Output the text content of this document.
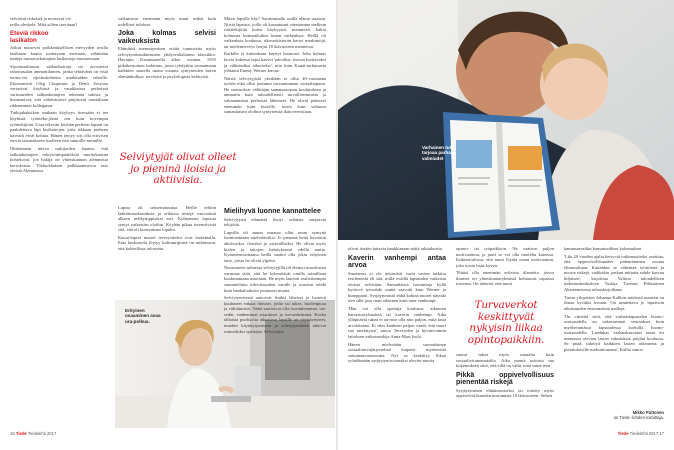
selviävät riskeistä ja nousevat vii-
reille oleskele. Mitä siihen tarvitaan?

Eteviä rikkoo
lasikaton

Jotkut nousevat poikkeuksellisen etevyyden avulla lasikaton kautta tuottavaan asemaan, vähintään tunteja taustavaikuttajina lasikattoja murtaessaan.

Sijoitusrahaston salkunhoitaja on arvostettu rahoitusalan ammattilainen, jonka tehtävänä on etsiä tuotta-via sijoituskohteita asiakkaiden rahoille. Ekonomistit Oleg Chuprinin ja Denis Sosyura vertasivat köyhissä ja varakkaissa perheissä varttuneiden salkunhoitajien tekemää tulosta ja huomasivat, että vähävaraiset pärjäsivät taustaltaan rikkaammat kollegansa.

Tutkijakaksikon mukaan köyhyys itsessään ei tee köyhistä työnteka-jöistä sen kuin kovempia työntekijöitä. Uraa tekevän köyhän perheen lapsen on paahdettava läpi lasikattojen, joita rikkaan perheen kasvatti eivät kohtaa. Hänen täytyy siis olla erityisen eteviä raivatakseen itselleen tien samoille asemille.

Ohittamaan tuleva tutkijoiden haamu, että salkunhoitajien rekrytointipäätöksiä meritokratian kohteluvat, joe hakija on yhteiskunnan alemmista kerroksista. Yläluokkaisen palkkaamisessa taas yleistä Alemmissa

vaikuttavat enemmän myös muut seikat kuin todelliset tulokset.

Joka kolmas selvisi vaikeuksista

Elämässä menestymisen eräitä tunnisteita myös selviytymistutkimusten yhdysvaltalainen klassikko. Havaijin Kauaisaarella alkoi vuonna 1955 pitkäkestoinen tutkimus, jossa ryhdyttiin seuraamaan kaikkien saarella tuona vuonna syntyneiden lasten elämänkulkua, terveyttä ja psykologista kehitystä.

Erityinen osaaminen avaa ura-polkua.

Miten lapsille käy? Suurimmalla osalla elämä tasaista. Niistä lapsista, joille oli kasautunut väestömme melkein riskitekijöitä kuten köyhyyttä, mennessä, kakui kolmesta kuttuntiloihin lasten vaikeuksia. Heillä oli vaikeuksia koulussa, rikosrekisteriin kertyi merkintöjä, tai mielenterveys horjui 18 ikävuoteen mennessä.

Kaikille ei kuitenkaan käynyt huonosti. Joka kolmas kovia kokenut lapsi kasvoi 'pärväksi, itsessä luottavaksi ja välittäväksi aikuiseksi', niin kuin Kauai-tutkimusta johtanut Emmy Werner kuvaa.

Näistä selviytyjistä yksikään ei ollut 40-vuotiaana työtön eikä ollut joutunut turvautumaan sosiaaliapuun. He saavuttivat välittäjän samantasoisen koulutuksen ja ammatin kuin taloudellisesti turvallisemmista ja vakaammista perheistä lähteneet. He olivat päässeet enemmän kuin kuiville, toisin kuin valtaosa samanlaisiin oloihin syntyneistä ikätovereistaan.

Selviytyjät olivat olleet jo pieninä iloisia ja aktiivisia.

Lapsia oli seitsemänsataa. Heille tehtiin lääkärintarkastuksia ja erilaisia testejä vauvaiästä alkaen nelikymppisiksi asti. Kolmannes lapsista syntyi vaikeisiin oloihin. Köyhän pikuu intensiivisiä sitä, että eli kotiseutuna lopulta.

Kauai-lapset maiset terveystiedot ovat laskemalla. Eräs keskustelu löytyy kulttuuripiiriä on tutkimusta, että kokeellista tulostetta.

Mielihyvä luonne kannattelee

Selviytyjien elämästä löytyi orilaisia suojaavia tekijöitä.

Lapsilla oli muun muassa ollut omni syntynä luontoettuaan mielettäväksi. Jo pienenä heitä kuvattiin aktiivisiksi, iloisiksi ja ystävällisiksi. He olivat myös kielen ja taitojen kehityksessä edellä muita. Kymmenvuotiaana heillä saattoi olla jokin erityinen taito, joista he olivat ylpeitä.

Nuoruuteen tultaessa selviytyjillä oli ehtinyt muodostua varmuus siitä, että he kykenisivät omilla toimillaan kuuluttamaan asioitaan. He myös laativat realistisempia suunnitelmia tulevaisuuden varalle ja osasivat tehdä kuin hankaluuksiin joutuneet muuta.

Selviytymisestä auttoivat lisäksi läheiset ja luotetut kuuluneet vakaat ihmiset, joilta sai tukea, huolenpitoa ja välittämistä. Näitä saattoivat olla isovanhemmat, isä-sedät, vanhemmat sisarukset ja isovanhemmat. Koska tällaisia puolisoita aikuisista lapsille on näyttäytyneet, muiden käyttäytymiseen ja selviytymiseen tukevat esimerkiksi opettajat. Selviytyjät

16 Tiede Tiedelehti 2017
Varhainen tuki tarjoaa parhaat valmiudet

olivat itsekin taitavia hankkimaan näitä tukiaikuisia.

Kaverin vanhempi antaa arvoa

Suomessa ei ole tiettävästi varta vasten tutkittu resilienssiä eli sitä, millä eväillä lapsuuden vaikeista oloista selvitään. Samanlaisia havaintoja kyllä hyötyvä työsuhde saatta saavutti kuin Werner ja kumppanit. Syrjäytymistä ehkä kohtaa nuoret näyttää tien sille jous muu aikuinen kuin oma vanhempi.

'Hän voi olla opettaja koulussa, aikuinen harrastusryhmässä tai kaverin vanhempi. Aika ylläpitäviä tukea ei tarvitse olla niin paljon, mitä lasta arvokkaana. Ei edes kauhean paljon vaadi, että nuori saa merkitystä', sanoo Terveyden ja hyvinvoinnin laitoksen erikoistutkija Anna-Mari Isola.

Hänen mielestään suomalainen sosiaaliturvajärjestelmä kaipaisi myötenistä sattumanvaraisuutta. Nyt se keskittyy liikaa työtelämään syrjäytymisvaaraksi oleviin nuoria

opinto- tai työpaikkoin. Ne vaativat paljon motivaatiota, ja juuri se voi olla nuorelta kateissa. Esikiasitulossa, että nuori löytää oman motivaation, joka toisin lisää kyvyn.

'Pitäisi olla enemmän erilaisia tilanteita, joissa ihmiset eri yhteiskuntaryhmistä kohtaavat vapaasti toisensa. On tärkeää, että nuori

Turvaverkot keskittyvät nykyisin liikaa opintopaikkiin.

saavat tukea myös muualta kuin sosiaaliviranomaisilta. Aika pientä asioista saa kokemuksen siitä, että sillä on väliä, mitä minä teen.'

Pikkä oppivelvollisuus pienentää riskejä

Syrjäytymisen ehkäisemiseksi on esitetty myös oppivelvollisuuden nostamista 18 ikävuoteen. Siihen

kannustavatkin kansainväliset kokemukset.

'Liki 20 vuoden ajalta kertyvät tutkimustiedot osoittaa, että oppivelvollisuuden pidentäminen nostaa elintasoltaan. Kuitenkin se vähentää työttömiä ja nuoria riskejä, vaikkakin jonkun mittatta suhde kasvaa hiljaisen', kirjoittaa Valtion taloudellisen tutkimuskeskuksen Tutkija Tuomas Pekkarinen Akateemisessa talouskirjoiltaan.

Turun yliopiston Johanna Kallion mielestä nuorten on ilmaa hyväksi keraan. On tunnettava jo lapsivoin aikuisuuden ensimmäisiä malleja.

'On viitteitä siitä, että varhaislapsuuden huono-osaisuudella on vakavammat seuraukset kuin myöhemmässä lapsuudessa koetulla huono-osaisuudella. Laadukas varhaiskasvatus tasaa eri asemassa olevien lasten valmiuksia pärjätä koulussa. Se pitää sidottyä kaikkien lasten oikeutena ja pienituloisille maksuttomana', Kallio sanoo.

Mikko Puttonen
on Tiede -lehden toimittaja.
Tiede Tiedelehti 2017 17
